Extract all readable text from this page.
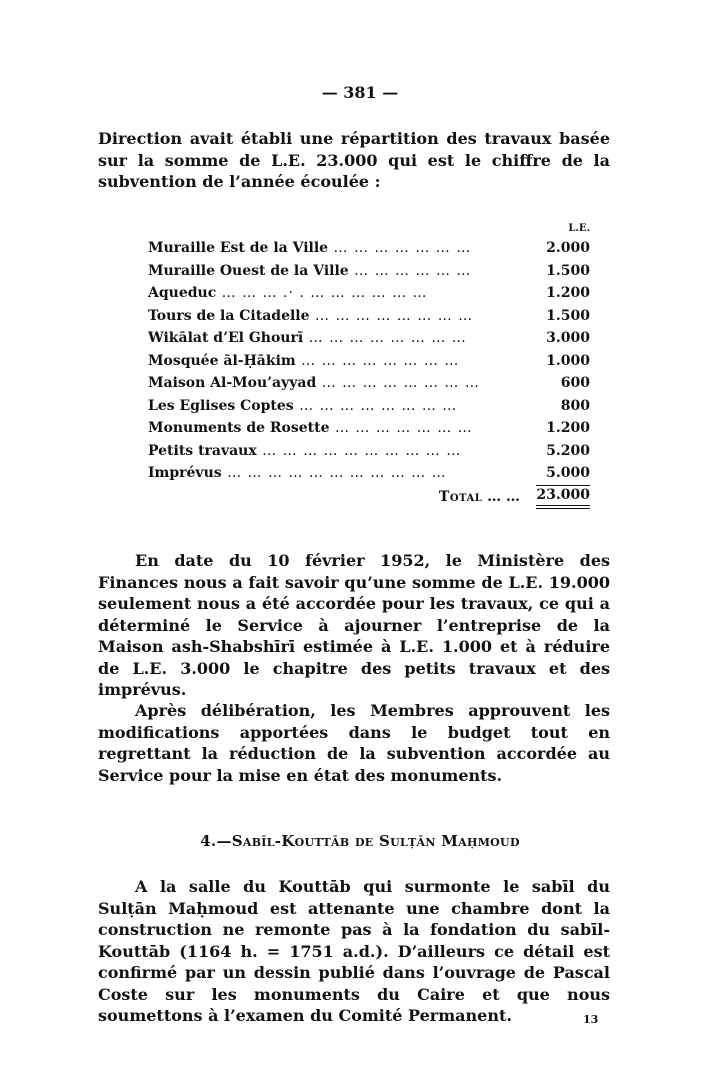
— 381 —
Direction avait établi une répartition des travaux basée sur la somme de L.E. 23.000 qui est le chiffre de la subvention de l’année écoulée :
	L.E.
Muraille Est de la Ville … … … … … … …	2.000
Muraille Ouest de la Ville … … … … … …	1.500
Aqueduc … … … .‧ . … … … … … …	1.200
Tours de la Citadelle … … … … … … … …	1.500
Wikālat d’El Ghourī … … … … … … … …	3.000
Mosquée āl-Ḥākim … … … … … … … …	1.000
Maison Al-Mou’ayyad … … … … … … … …	600
Les Eglises Coptes … … … … … … … …	800
Monuments de Rosette … … … … … … …	1.200
Petits travaux … … … … … … … … … …	5.200
Imprévus … … … … … … … … … … …	5.000
Total … …	23.000
En date du 10 février 1952, le Ministère des Finances nous a fait savoir qu’une somme de L.E. 19.000 seulement nous a été accordée pour les travaux, ce qui a déterminé le Service à ajourner l’entreprise de la Maison ash-Shabshīrī estimée à L.E. 1.000 et à réduire de L.E. 3.000 le chapitre des petits travaux et des imprévus.
Après délibération, les Membres approuvent les modifications apportées dans le budget tout en regrettant la réduction de la subvention accordée au Service pour la mise en état des monuments.
4.—Sabīl-Kouttāb de Sulṭān Maḥmoud
A la salle du Kouttāb qui surmonte le sabīl du Sulṭān Maḥmoud est attenante une chambre dont la construction ne remonte pas à la fondation du sabīl-Kouttāb (1164 h. = 1751 a.d.). D’ailleurs ce détail est confirmé par un dessin publié dans l’ouvrage de Pascal Coste sur les monuments du Caire et que nous soumettons à l’examen du Comité Permanent.	13
